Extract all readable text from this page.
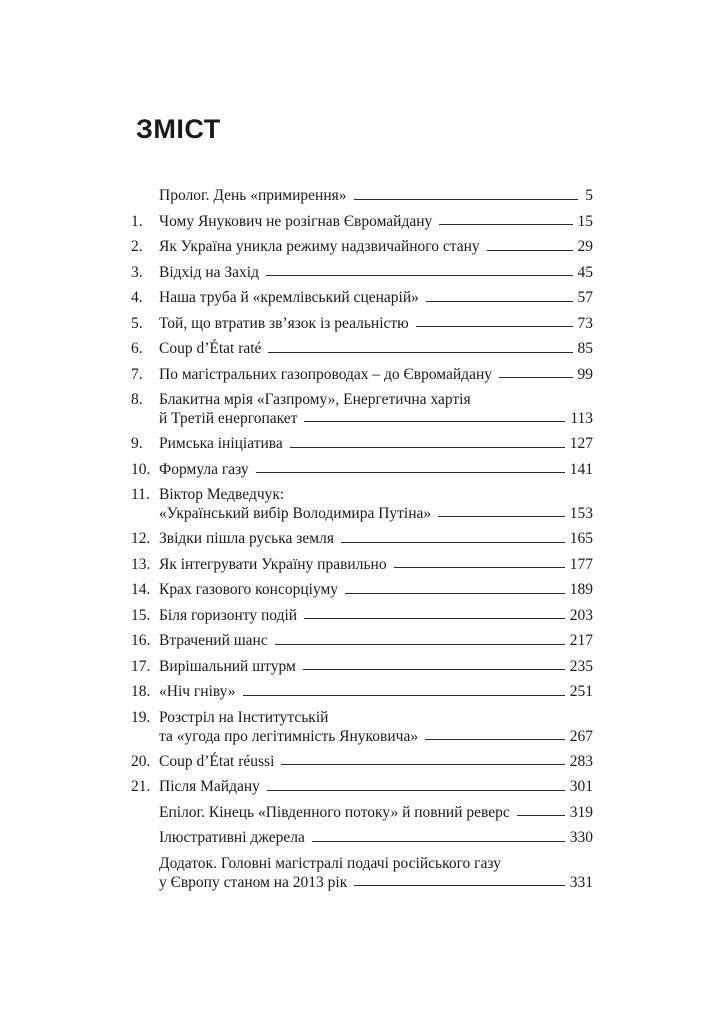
ЗМІСТ
Пролог. День «примирення»	5
1.	Чому Янукович не розігнав Євромайдану	15
2.	Як Україна уникла режиму надзвичайного стану	29
3.	Відхід на Захід	45
4.	Наша труба й «кремлівський сценарій»	57
5.	Той, що втратив зв’язок із реальністю	73
6.	Coup d’État raté	85
7.	По магістральних газопроводах – до Євромайдану	99
8.	Блакитна мрія «Газпрому», Енергетична хартія
й Третій енергопакет	113
9.	Римська ініціатива	127
10. Формула газу	141
11. Віктор Медведчук:
«Український вибір Володимира Путіна»	153
12. Звідки пішла руська земля	165
13. Як інтегрувати Україну правильно	177
14. Крах газового консорціуму	189
15. Біля горизонту подій	203
16. Втрачений шанс	217
17. Вирішальний штурм	235
18. «Ніч гніву»	251
19. Розстріл на Інститутській
та «угода про легітимність Януковича»	267
20. Coup d’État réussi	283
21. Після Майдану	301
Епілог. Кінець «Південного потоку» й повний реверс	319
Ілюстративні джерела	330
Додаток. Головні магістралі подачі російського газу
у Європу станом на 2013 рік	331
